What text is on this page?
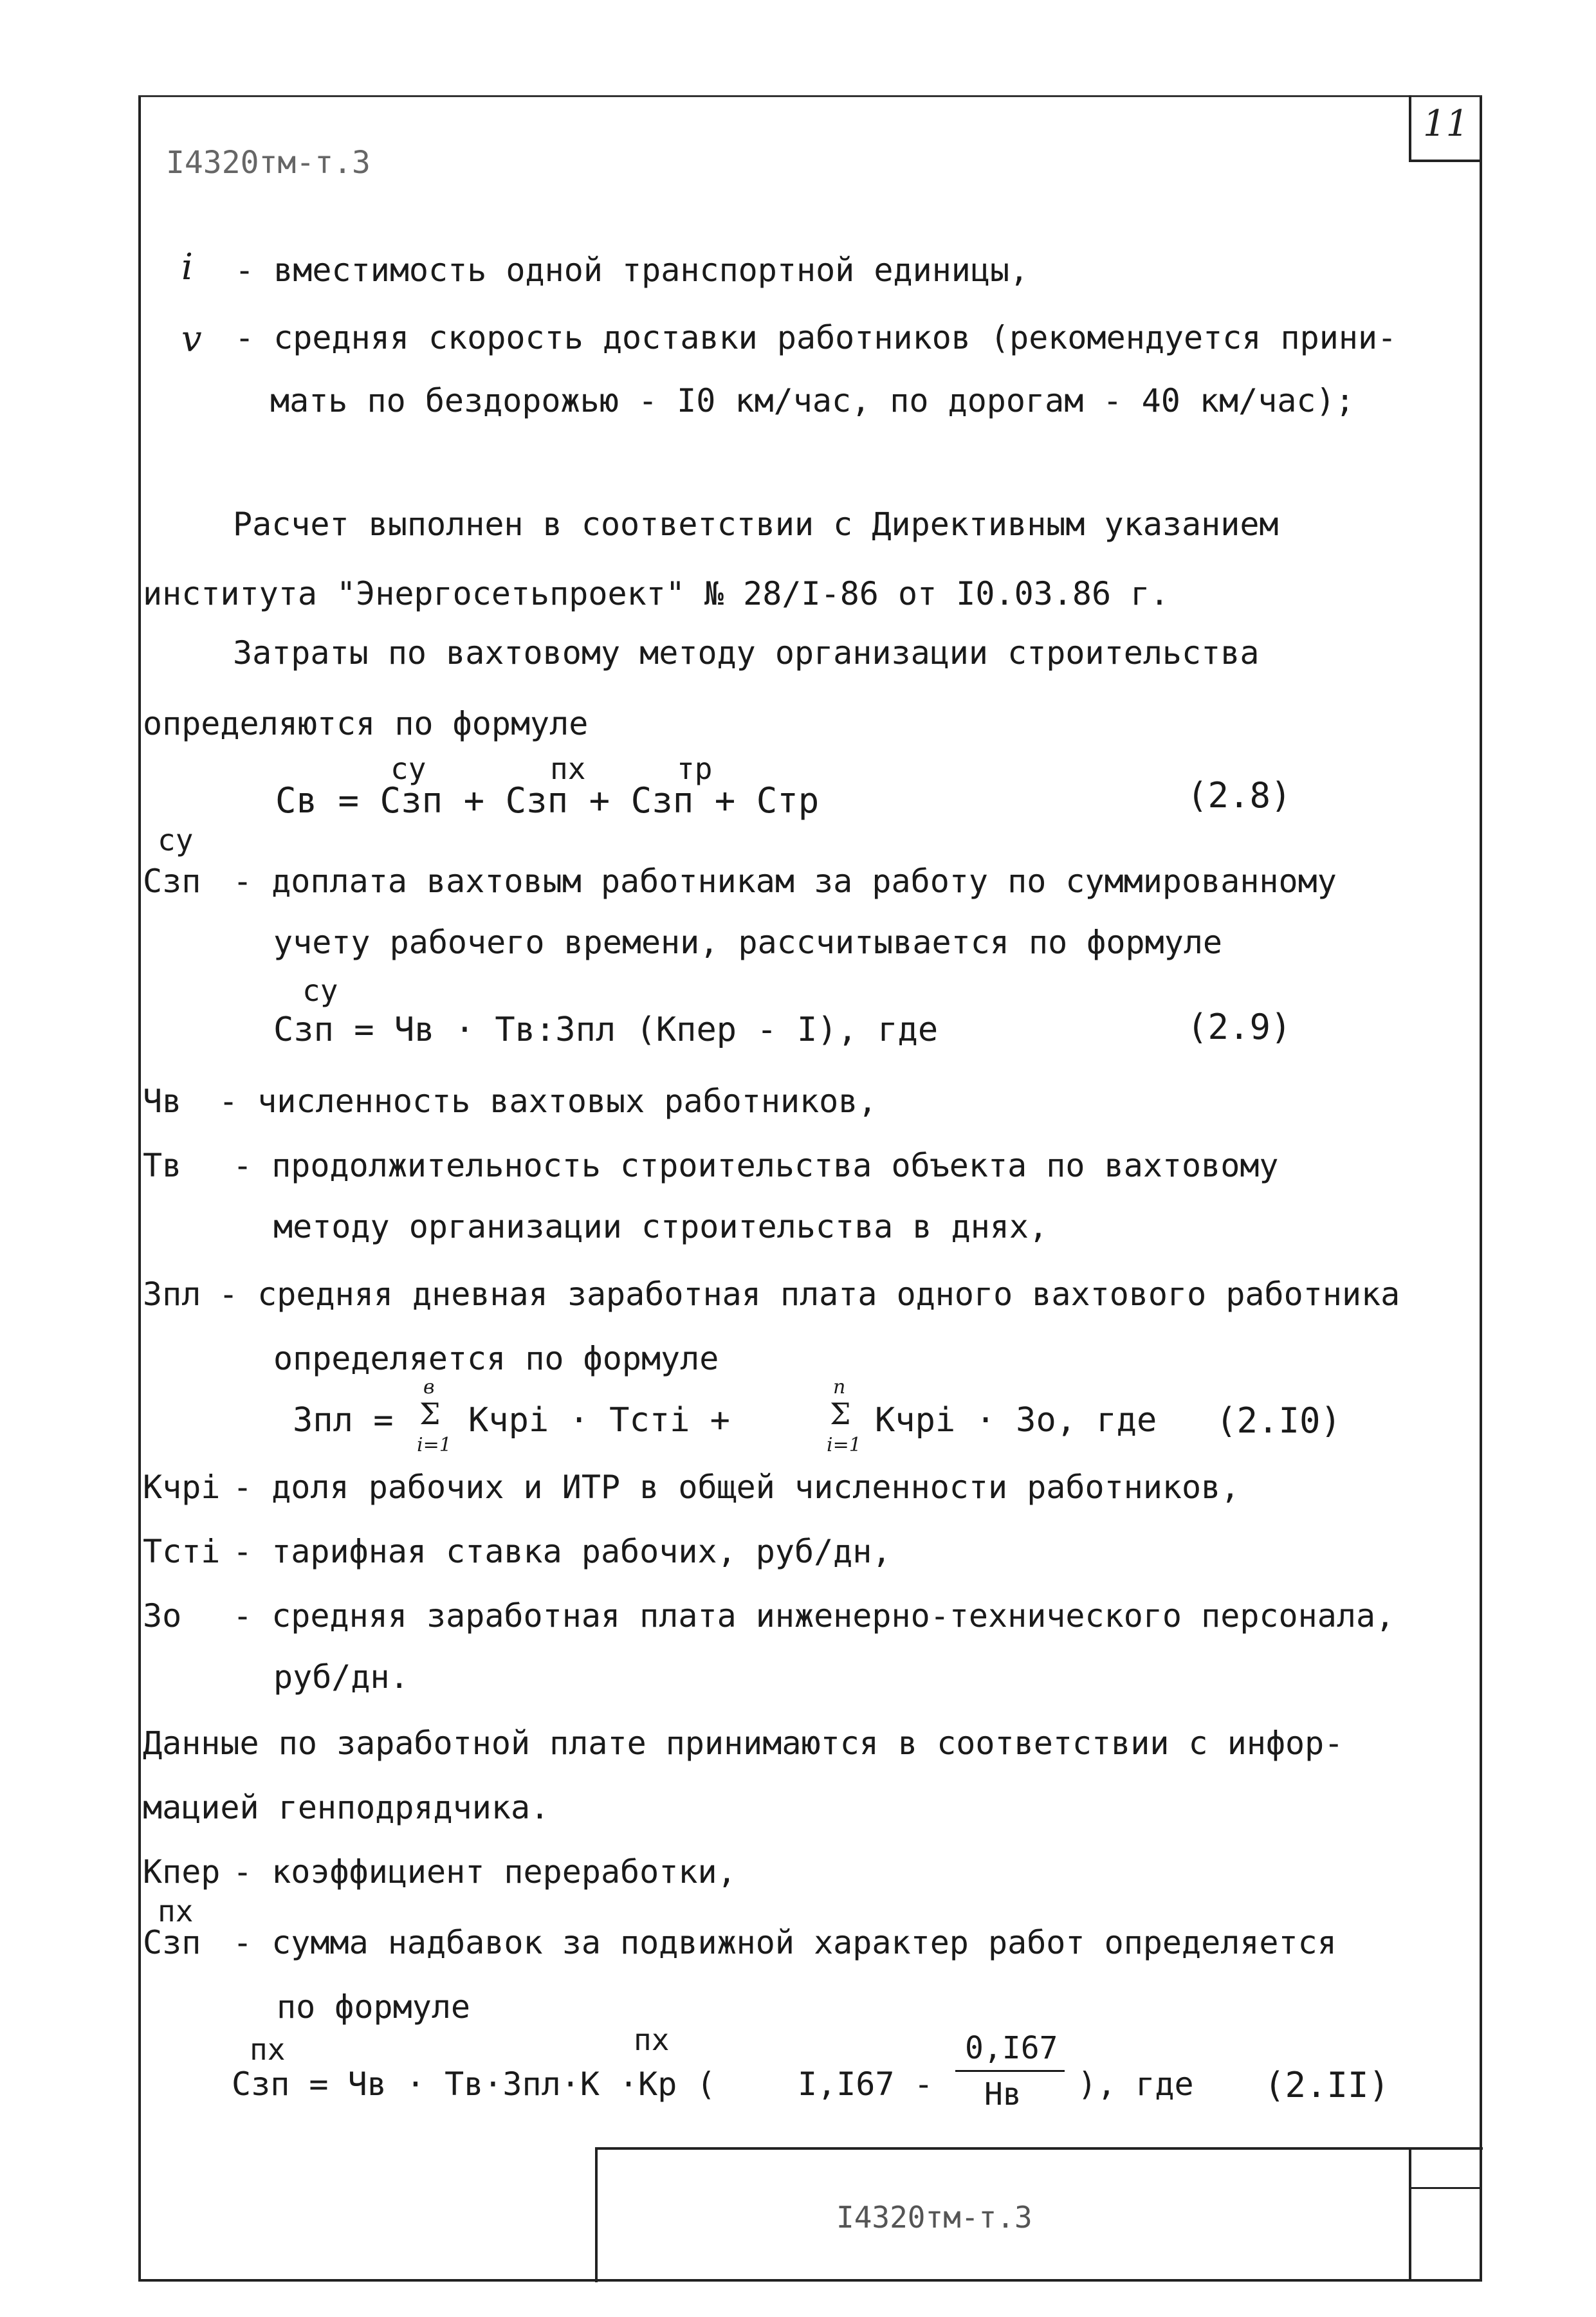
11
I4320тм-т.3
i - вместимость одной транспортной единицы,
v - средняя скорость доставки работников (рекомендуется прини-
мать по бездорожью - I0 км/час, по дорогам - 40 км/час);
Расчет выполнен в соответствии с Директивным указанием
института "Энергосетьпроект" № 28/I-86 от I0.03.86 г.
Затраты по вахтовому методу организации строительства
определяются по формуле
су	пх	тр
Св = Сзп + Сзп + Сзп + Стр	(2.8)
су
Сзп - доплата вахтовым работникам за работу по суммированному
учету рабочего времени, рассчитывается по формуле
су
Сзп = Чв · Тв:Зпл (Кпер - I), где	(2.9)
Чв - численность вахтовых работников,
Тв - продолжительность строительства объекта по вахтовому
методу организации строительства в днях,
Зпл - средняя дневная заработная плата одного вахтового работника
определяется по формуле
Зпл =
в
Σ
i=1
Кчрi · Тстi +
n
Σ
i=1
Кчрi · Зо, где (2.I0)
Кчрi - доля рабочих и ИТР в общей численности работников,
Тстi - тарифная ставка рабочих, руб/дн,
Зо - средняя заработная плата инженерно-технического персонала,
руб/дн.
Данные по заработной плате принимаются в соответствии с инфор-
мацией генподрядчика.
Кпер - коэффициент переработки,
пх
Сзп - сумма надбавок за подвижной характер работ определяется
по формуле
пх	пх
Сзп = Чв · Тв·Зпл·К ·Кр (	I,I67 -
0,I67
Нв ), где (2.II)
I4320тм-т.3
